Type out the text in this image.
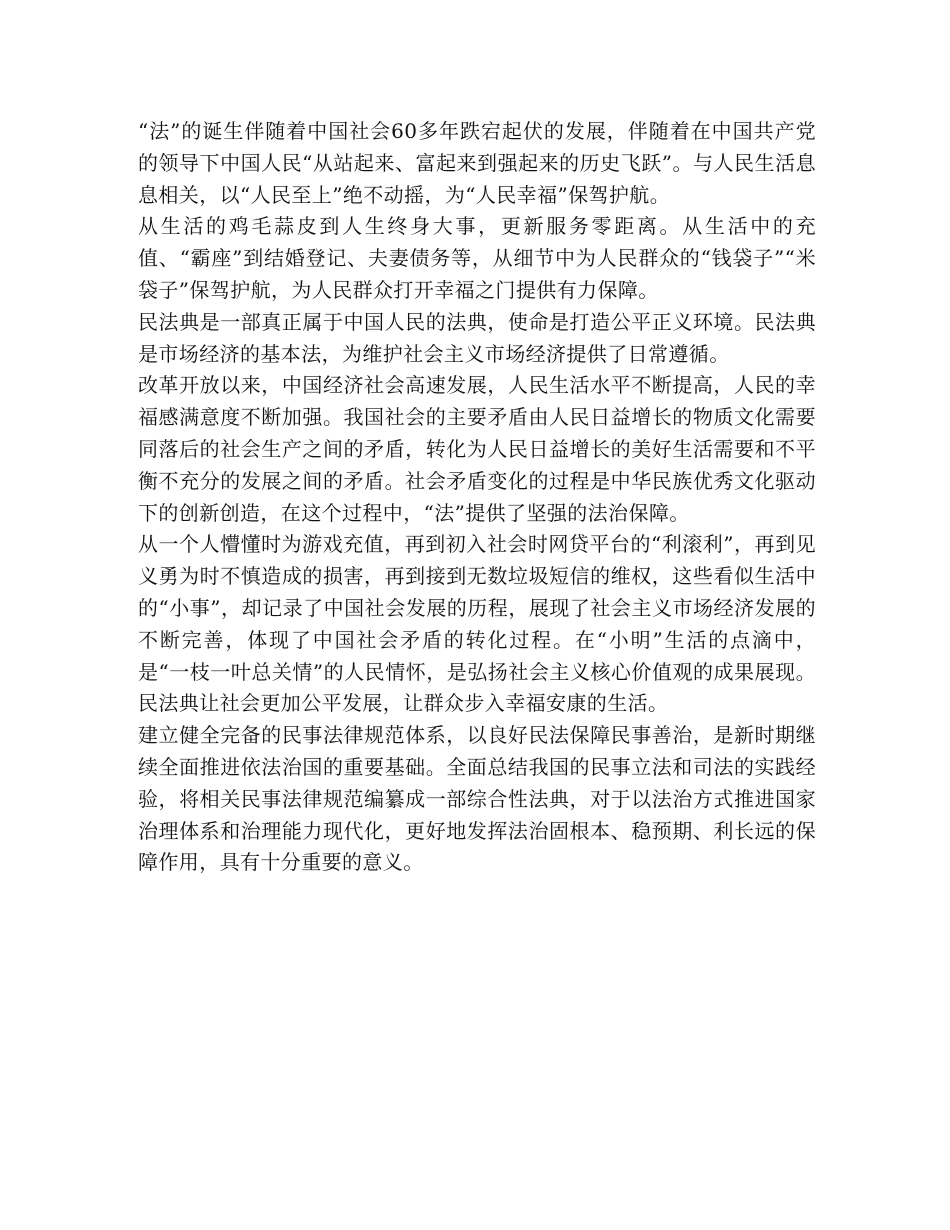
“法”的诞生伴随着中国社会60多年跌宕起伏的发展，伴随着在中国共产党的领导下中国人民“从站起来、富起来到强起来的历史飞跃”。与人民生活息息相关，以“人民至上”绝不动摇，为“人民幸福”保驾护航。

从生活的鸡毛蒜皮到人生终身大事，更新服务零距离。从生活中的充值、“霸座”到结婚登记、夫妻债务等，从细节中为人民群众的“钱袋子”“米袋子”保驾护航，为人民群众打开幸福之门提供有力保障。

民法典是一部真正属于中国人民的法典，使命是打造公平正义环境。民法典是市场经济的基本法，为维护社会主义市场经济提供了日常遵循。

改革开放以来，中国经济社会高速发展，人民生活水平不断提高，人民的幸福感满意度不断加强。我国社会的主要矛盾由人民日益增长的物质文化需要同落后的社会生产之间的矛盾，转化为人民日益增长的美好生活需要和不平衡不充分的发展之间的矛盾。社会矛盾变化的过程是中华民族优秀文化驱动下的创新创造，在这个过程中，“法”提供了坚强的法治保障。

从一个人懵懂时为游戏充值，再到初入社会时网贷平台的“利滚利”，再到见义勇为时不慎造成的损害，再到接到无数垃圾短信的维权，这些看似生活中的“小事”，却记录了中国社会发展的历程，展现了社会主义市场经济发展的不断完善，体现了中国社会矛盾的转化过程。在“小明”生活的点滴中，是“一枝一叶总关情”的人民情怀，是弘扬社会主义核心价值观的成果展现。民法典让社会更加公平发展，让群众步入幸福安康的生活。

建立健全完备的民事法律规范体系，以良好民法保障民事善治，是新时期继续全面推进依法治国的重要基础。全面总结我国的民事立法和司法的实践经验，将相关民事法律规范编纂成一部综合性法典，对于以法治方式推进国家治理体系和治理能力现代化，更好地发挥法治固根本、稳预期、利长远的保障作用，具有十分重要的意义。
